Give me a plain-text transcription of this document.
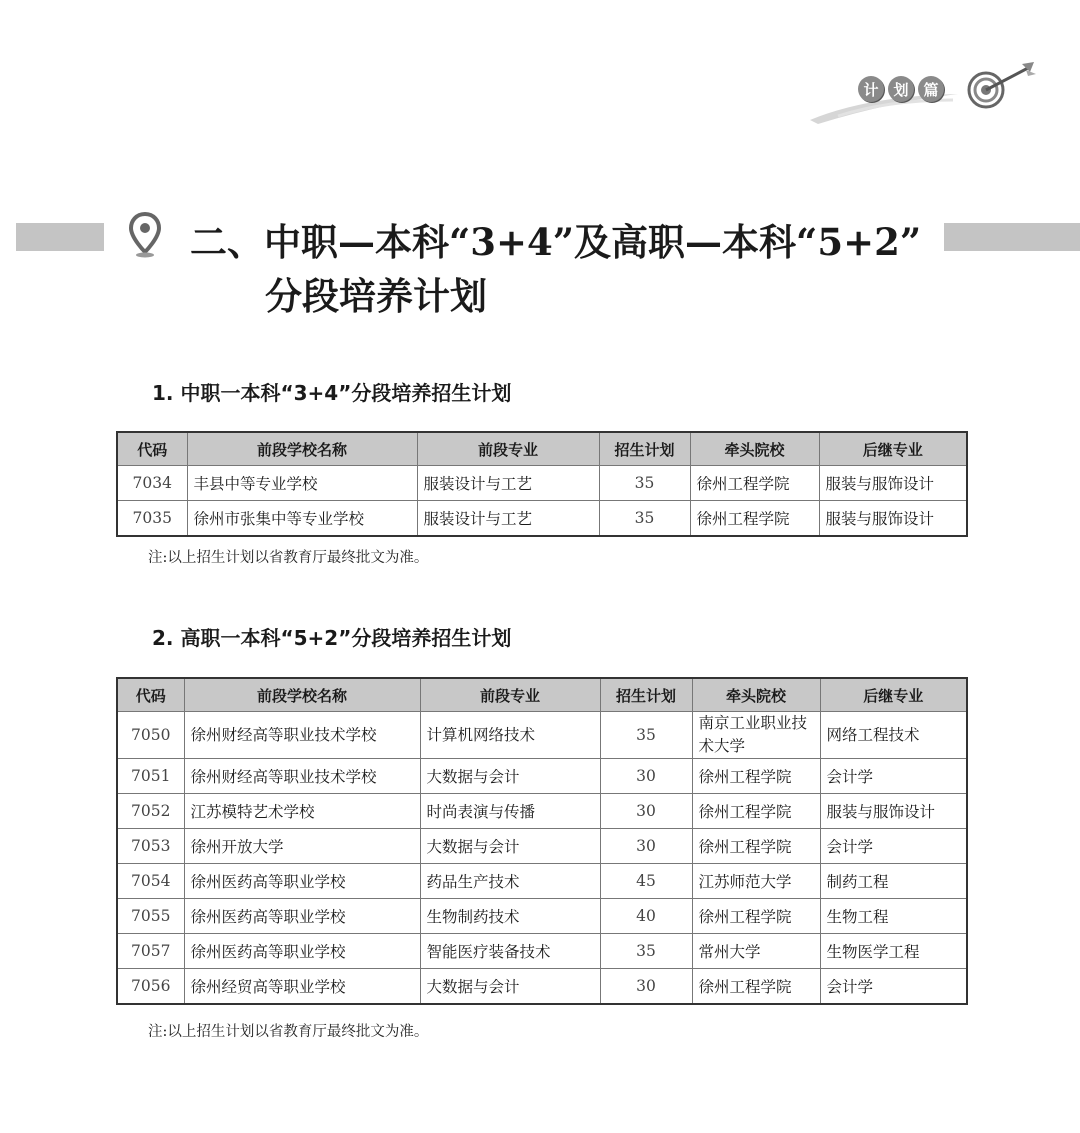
计 划 篇
二、中职—本科“3+4”及高职—本科“5+2”
分段培养计划
1. 中职一本科“3+4”分段培养招生计划
代码	前段学校名称	前段专业	招生计划	牵头院校	后继专业
7034	丰县中等专业学校	服装设计与工艺	35	徐州工程学院	服装与服饰设计
7035	徐州市张集中等专业学校	服装设计与工艺	35	徐州工程学院	服装与服饰设计
注:以上招生计划以省教育厅最终批文为准。
2. 高职一本科“5+2”分段培养招生计划
代码	前段学校名称	前段专业	招生计划	牵头院校	后继专业
7050	徐州财经高等职业技术学校	计算机网络技术	35	南京工业职业技术大学	网络工程技术
7051	徐州财经高等职业技术学校	大数据与会计	30	徐州工程学院	会计学
7052	江苏模特艺术学校	时尚表演与传播	30	徐州工程学院	服装与服饰设计
7053	徐州开放大学	大数据与会计	30	徐州工程学院	会计学
7054	徐州医药高等职业学校	药品生产技术	45	江苏师范大学	制药工程
7055	徐州医药高等职业学校	生物制药技术	40	徐州工程学院	生物工程
7057	徐州医药高等职业学校	智能医疗装备技术	35	常州大学	生物医学工程
7056	徐州经贸高等职业学校	大数据与会计	30	徐州工程学院	会计学
注:以上招生计划以省教育厅最终批文为准。
